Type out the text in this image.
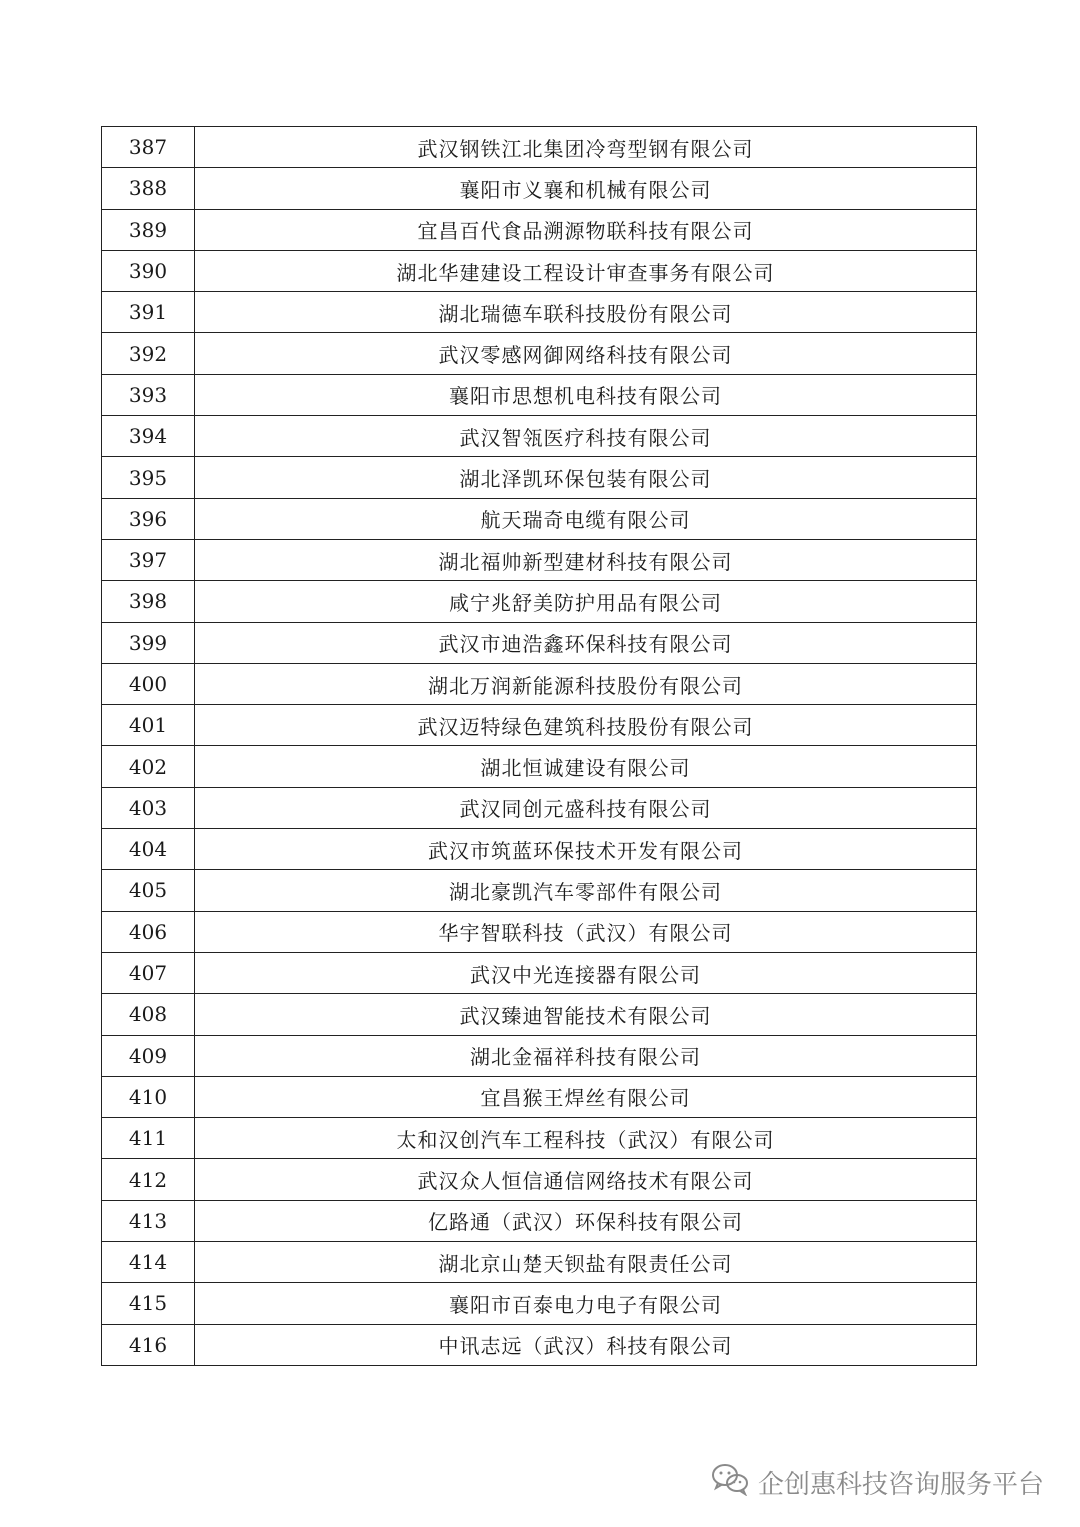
387	武汉钢铁江北集团冷弯型钢有限公司
388	襄阳市义襄和机械有限公司
389	宜昌百代食品溯源物联科技有限公司
390	湖北华建建设工程设计审查事务有限公司
391	湖北瑞德车联科技股份有限公司
392	武汉零感网御网络科技有限公司
393	襄阳市思想机电科技有限公司
394	武汉智瓴医疗科技有限公司
395	湖北泽凯环保包装有限公司
396	航天瑞奇电缆有限公司
397	湖北福帅新型建材科技有限公司
398	咸宁兆舒美防护用品有限公司
399	武汉市迪浩鑫环保科技有限公司
400	湖北万润新能源科技股份有限公司
401	武汉迈特绿色建筑科技股份有限公司
402	湖北恒诚建设有限公司
403	武汉同创元盛科技有限公司
404	武汉市筑蓝环保技术开发有限公司
405	湖北豪凯汽车零部件有限公司
406	华宇智联科技（武汉）有限公司
407	武汉中光连接器有限公司
408	武汉臻迪智能技术有限公司
409	湖北金福祥科技有限公司
410	宜昌猴王焊丝有限公司
411	太和汉创汽车工程科技（武汉）有限公司
412	武汉众人恒信通信网络技术有限公司
413	亿路通（武汉）环保科技有限公司
414	湖北京山楚天钡盐有限责任公司
415	襄阳市百泰电力电子有限公司
416	中讯志远（武汉）科技有限公司
企创惠科技咨询服务平台
